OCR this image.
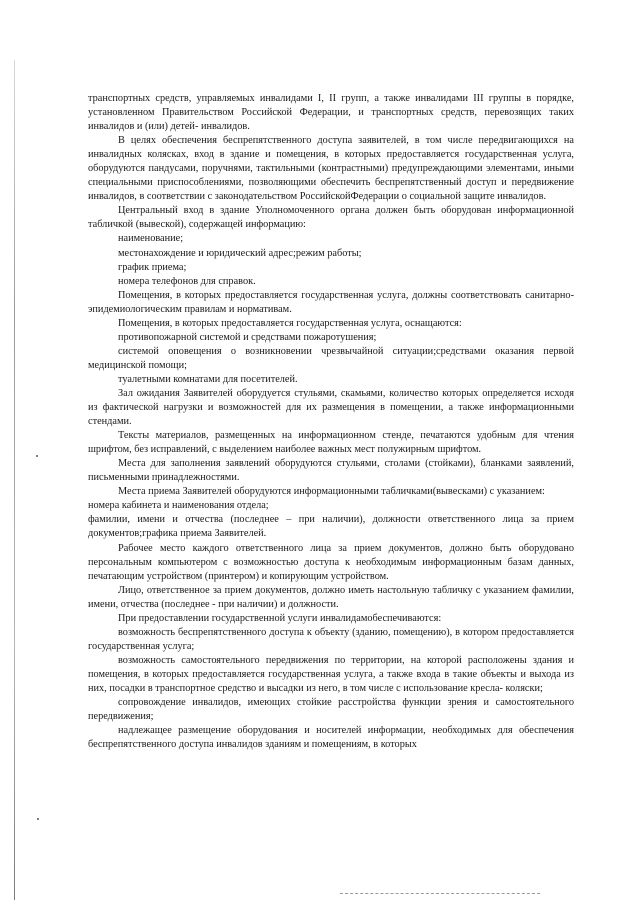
транспортных средств, управляемых инвалидами I, II групп, а также инвалидами III группы в порядке, установленном Правительством Российской Федерации, и транспортных средств, перевозящих таких инвалидов и (или) детей- инвалидов.

В целях обеспечения беспрепятственного доступа заявителей, в том числе передвигающихся на инвалидных колясках, вход в здание и помещения, в которых предоставляется государственная услуга, оборудуются пандусами, поручнями, тактильными (контрастными) предупреждающими элементами, иными специальными приспособлениями, позволяющими обеспечить беспрепятственный доступ и передвижение инвалидов, в соответствии с законодательством РоссийскойФедерации о социальной защите инвалидов.

Центральный вход в здание Уполномоченного органа должен быть оборудован информационной табличкой (вывеской), содержащей информацию:

наименование;

местонахождение и юридический адрес;режим работы;

график приема;

номера телефонов для справок.

Помещения, в которых предоставляется государственная услуга, должны соответствовать санитарно-эпидемиологическим правилам и нормативам.

Помещения, в которых предоставляется государственная услуга, оснащаются:

противопожарной системой и средствами пожаротушения;

системой оповещения о возникновении чрезвычайной ситуации;средствами оказания первой медицинской помощи;

туалетными комнатами для посетителей.

Зал ожидания Заявителей оборудуется стульями, скамьями, количество которых определяется исходя из фактической нагрузки и возможностей для их размещения в помещении, а также информационными стендами.

Тексты материалов, размещенных на информационном стенде, печатаются удобным для чтения шрифтом, без исправлений, с выделением наиболее важных мест полужирным шрифтом.

Места для заполнения заявлений оборудуются стульями, столами (стойками), бланками заявлений, письменными принадлежностями.

Места приема Заявителей оборудуются информационными табличками(вывесками) с указанием:

номера кабинета и наименования отдела;

фамилии, имени и отчества (последнее – при наличии), должности ответственного лица за прием документов;графика приема Заявителей.

Рабочее место каждого ответственного лица за прием документов, должно быть оборудовано персональным компьютером с возможностью доступа к необходимым информационным базам данных, печатающим устройством (принтером) и копирующим устройством.

Лицо, ответственное за прием документов, должно иметь настольную табличку с указанием фамилии, имени, отчества (последнее - при наличии) и должности.

При предоставлении государственной услуги инвалидамобеспечиваются:

возможность беспрепятственного доступа к объекту (зданию, помещению), в котором предоставляется государственная услуга;

возможность самостоятельного передвижения по территории, на которой расположены здания и помещения, в которых предоставляется государственная услуга, а также входа в такие объекты и выхода из них, посадки в транспортное средство и высадки из него, в том числе с использование кресла- коляски;

сопровождение инвалидов, имеющих стойкие расстройства функции зрения и самостоятельного передвижения;

надлежащее размещение оборудования и носителей информации, необходимых для обеспечения беспрепятственного доступа инвалидов зданиям и помещениям, в которых
